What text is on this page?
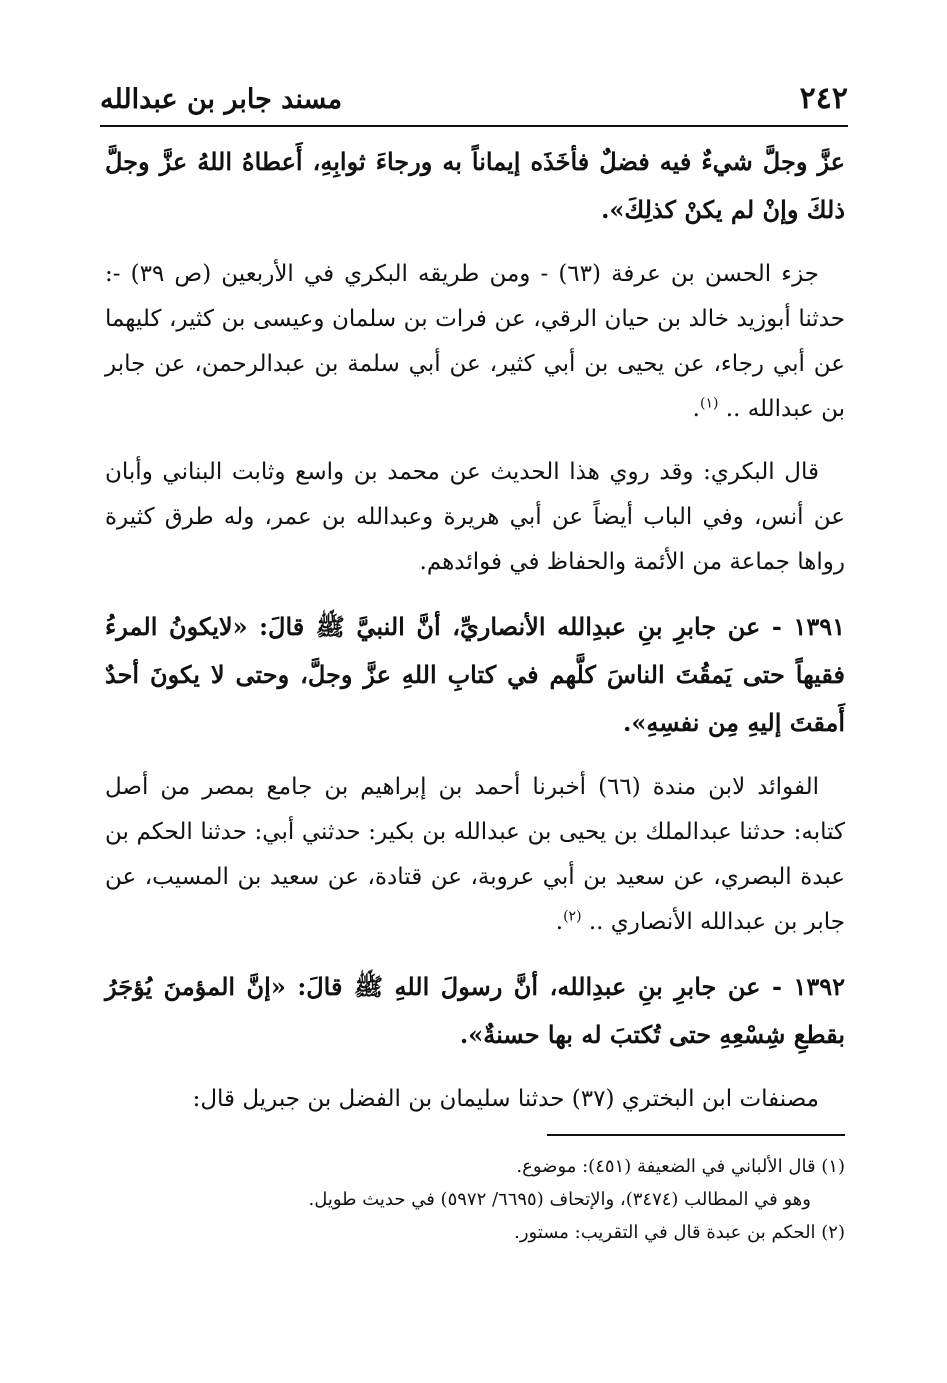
٢٤٢
مسند جابر بن عبدالله

عزَّ وجلَّ شيءٌ فيه فضلٌ فأخَذَه إيماناً به ورجاءَ ثوابِهِ، أَعطاهُ اللهُ عزَّ وجلَّ ذلكَ وإنْ لم يكنْ كذلِكَ».

جزء الحسن بن عرفة (٦٣) - ومن طريقه البكري في الأربعين (ص ٣٩) -: حدثنا أبوزيد خالد بن حيان الرقي، عن فرات بن سلمان وعيسى بن كثير، كليهما عن أبي رجاء، عن يحيى بن أبي كثير، عن أبي سلمة بن عبدالرحمن، عن جابر بن عبدالله .. $^{(١)}$.

قال البكري: وقد روي هذا الحديث عن محمد بن واسع وثابت البناني وأبان عن أنس، وفي الباب أيضاً عن أبي هريرة وعبدالله بن عمر، وله طرق كثيرة رواها جماعة من الأئمة والحفاظ في فوائدهم.

١٣٩١ - عن جابرِ بنِ عبدِالله الأنصاريِّ، أنَّ النبيَّ ﷺ قالَ: «لايكونُ المرءُ فقيهاً حتى يَمقُتَ الناسَ كلَّهم في كتابِ اللهِ عزَّ وجلَّ، وحتى لا يكونَ أحدٌ أَمقتَ إليهِ مِن نفسِهِ».

الفوائد لابن مندة (٦٦) أخبرنا أحمد بن إبراهيم بن جامع بمصر من أصل كتابه: حدثنا عبدالملك بن يحيى بن عبدالله بن بكير: حدثني أبي: حدثنا الحكم بن عبدة البصري، عن سعيد بن أبي عروبة، عن قتادة، عن سعيد بن المسيب، عن جابر بن عبدالله الأنصاري .. $^{(٢)}$.

١٣٩٢ - عن جابرِ بنِ عبدِالله، أنَّ رسولَ اللهِ ﷺ قالَ: «إنَّ المؤمنَ يُؤجَرُ بقطعِ شِسْعِهِ حتى تُكتبَ له بها حسنةٌ».

مصنفات ابن البختري (٣٧) حدثنا سليمان بن الفضل بن جبريل قال:

(١) قال الألباني في الضعيفة (٤٥١): موضوع.

وهو في المطالب (٣٤٧٤)، والإتحاف (٦٦٩٥/ ٥٩٧٢) في حديث طويل.

(٢) الحكم بن عبدة قال في التقريب: مستور.
